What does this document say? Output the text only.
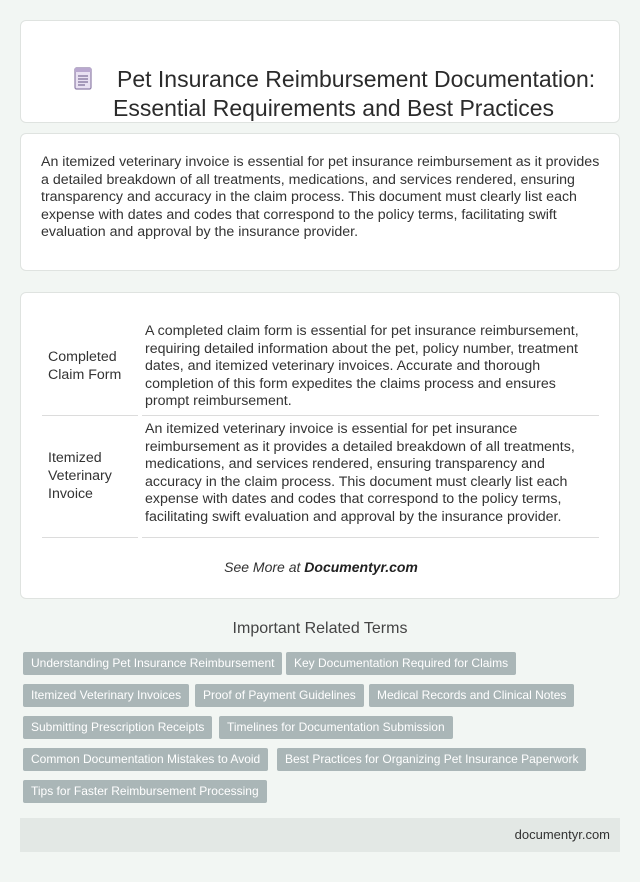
Pet Insurance Reimbursement Documentation: Essential Requirements and Best Practices

An itemized veterinary invoice is essential for pet insurance reimbursement as it provides a detailed breakdown of all treatments, medications, and services rendered, ensuring transparency and accuracy in the claim process. This document must clearly list each expense with dates and codes that correspond to the policy terms, facilitating swift evaluation and approval by the insurance provider.

Completed Claim Form
A completed claim form is essential for pet insurance reimbursement, requiring detailed information about the pet, policy number, treatment dates, and itemized veterinary invoices. Accurate and thorough completion of this form expedites the claims process and ensures prompt reimbursement.
Itemized Veterinary Invoice
An itemized veterinary invoice is essential for pet insurance reimbursement as it provides a detailed breakdown of all treatments, medications, and services rendered, ensuring transparency and accuracy in the claim process. This document must clearly list each expense with dates and codes that correspond to the policy terms, facilitating swift evaluation and approval by the insurance provider.
See More at Documentyr.com
Important Related Terms
Understanding Pet Insurance Reimbursement	Key Documentation Required for Claims
Itemized Veterinary Invoices	Proof of Payment Guidelines	Medical Records and Clinical Notes
Submitting Prescription Receipts	Timelines for Documentation Submission
Common Documentation Mistakes to Avoid	Best Practices for Organizing Pet Insurance Paperwork
Tips for Faster Reimbursement Processing
documentyr.com
